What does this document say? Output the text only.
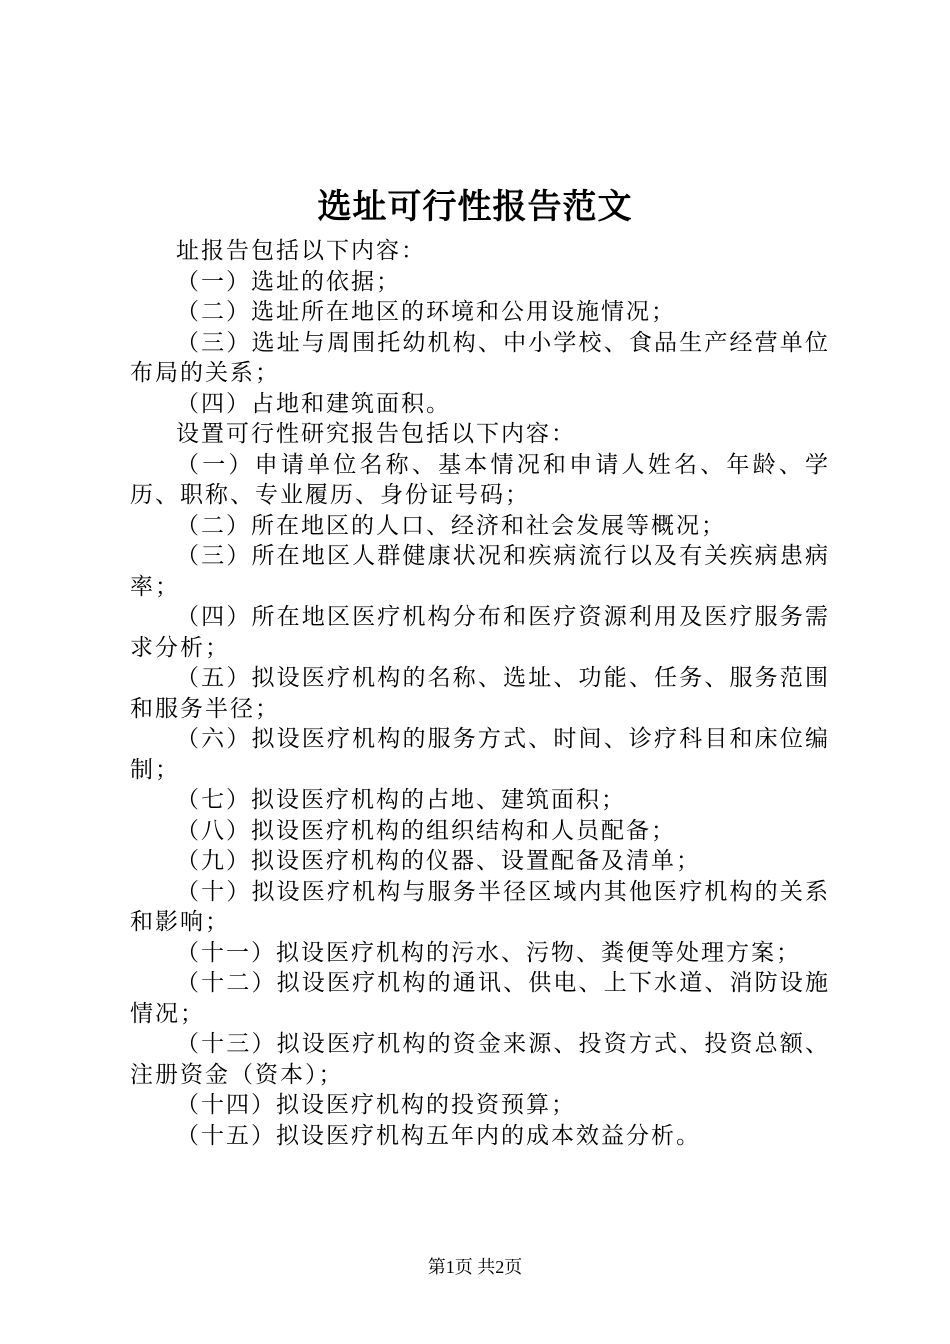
选址可行性报告范文

址报告包括以下内容：

（一）选址的依据；

（二）选址所在地区的环境和公用设施情况；

（三）选址与周围托幼机构、中小学校、食品生产经营单位布局的关系；

（四）占地和建筑面积。

设置可行性研究报告包括以下内容：

（一）申请单位名称、基本情况和申请人姓名、年龄、学历、职称、专业履历、身份证号码；

（二）所在地区的人口、经济和社会发展等概况；

（三）所在地区人群健康状况和疾病流行以及有关疾病患病率；

（四）所在地区医疗机构分布和医疗资源利用及医疗服务需求分析；

（五）拟设医疗机构的名称、选址、功能、任务、服务范围和服务半径；

（六）拟设医疗机构的服务方式、时间、诊疗科目和床位编制；

（七）拟设医疗机构的占地、建筑面积；

（八）拟设医疗机构的组织结构和人员配备；

（九）拟设医疗机构的仪器、设置配备及清单；

（十）拟设医疗机构与服务半径区域内其他医疗机构的关系和影响；

（十一）拟设医疗机构的污水、污物、粪便等处理方案；

（十二）拟设医疗机构的通讯、供电、上下水道、消防设施情况；

（十三）拟设医疗机构的资金来源、投资方式、投资总额、注册资金（资本）；

（十四）拟设医疗机构的投资预算；

（十五）拟设医疗机构五年内的成本效益分析。

第1页 共2页
